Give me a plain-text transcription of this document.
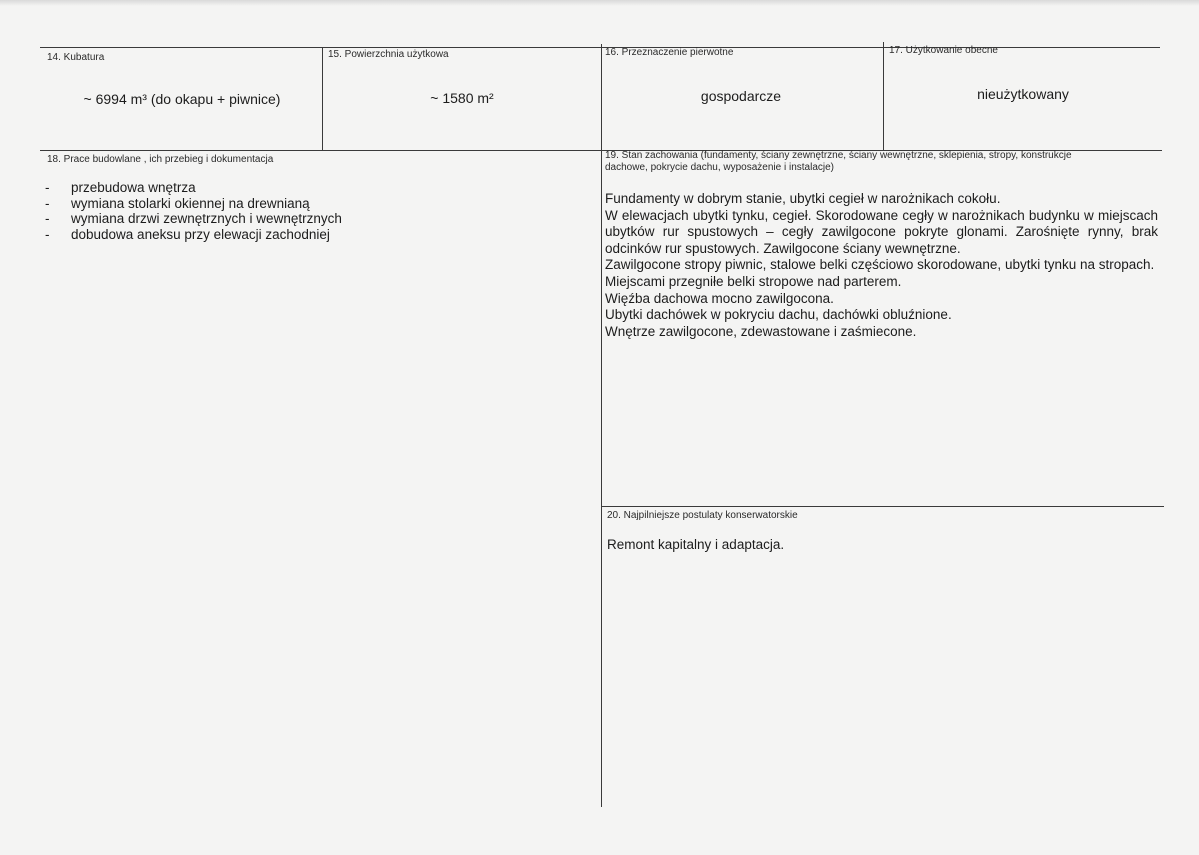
14. Kubatura
~ 6994 m³ (do okapu + piwnice)
15. Powierzchnia użytkowa
~ 1580 m²
16. Przeznaczenie pierwotne
gospodarcze
17. Użytkowanie obecne
nieużytkowany
18. Prace budowlane , ich przebieg i dokumentacja
- przebudowa wnętrza
- wymiana stolarki okiennej na drewnianą
- wymiana drzwi zewnętrznych i wewnętrznych
- dobudowa aneksu przy elewacji zachodniej
19. Stan zachowania (fundamenty, ściany zewnętrzne, ściany wewnętrzne, sklepienia, stropy, konstrukcje dachowe, pokrycie dachu, wyposażenie i instalacje)

Fundamenty w dobrym stanie, ubytki cegieł w narożnikach cokołu.

W elewacjach ubytki tynku, cegieł. Skorodowane cegły w narożnikach budynku w miejscach ubytków rur spustowych – cegły zawilgocone pokryte glonami. Zarośnięte rynny, brak odcinków rur spustowych. Zawilgocone ściany wewnętrzne.

Zawilgocone stropy piwnic, stalowe belki częściowo skorodowane, ubytki tynku na stropach.

Miejscami przegniłe belki stropowe nad parterem.

Więźba dachowa mocno zawilgocona.

Ubytki dachówek w pokryciu dachu, dachówki obluźnione.

Wnętrze zawilgocone, zdewastowane i zaśmiecone.

20. Najpilniejsze postulaty konserwatorskie
Remont kapitalny i adaptacja.
